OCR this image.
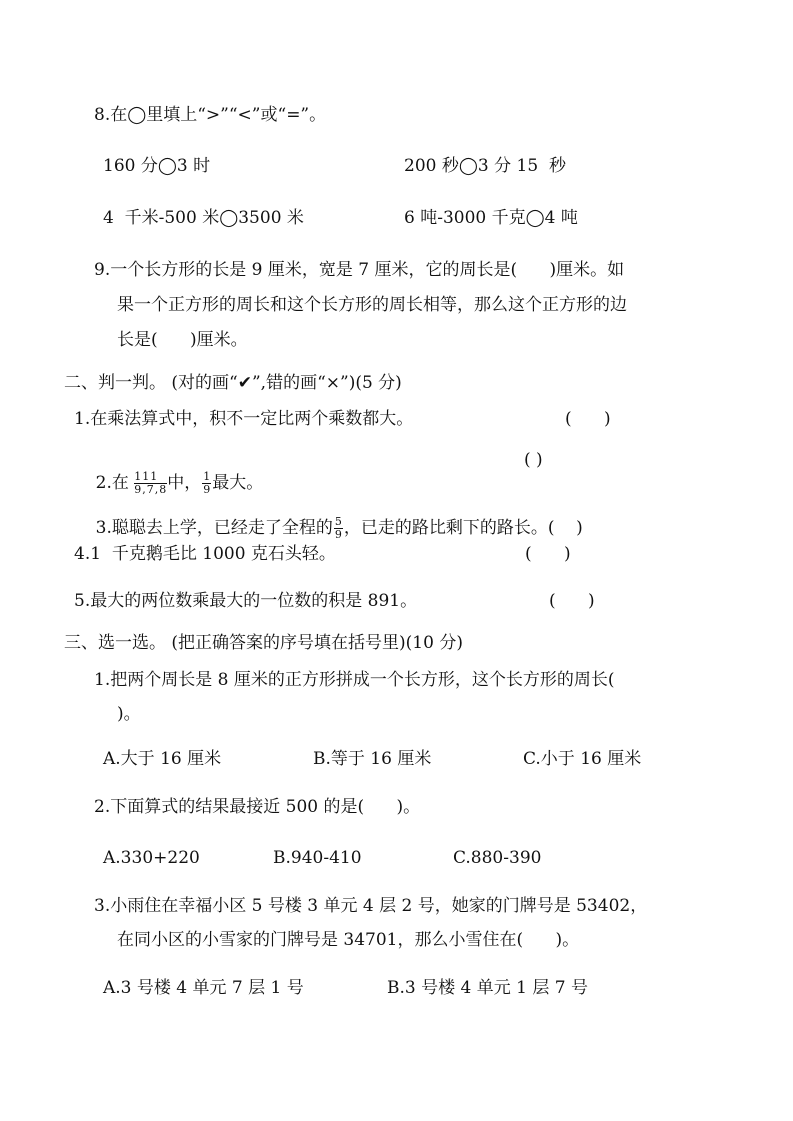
8.在◯里填上“>”“<”或“=”。
160 分◯3 时	200 秒◯3 分 15  秒
4  千米-500 米◯3500 米	6 吨-3000 千克◯4 吨
9.一个长方形的长是 9 厘米，宽是 7 厘米，它的周长是(      )厘米。如
果一个正方形的周长和这个长方形的周长相等，那么这个正方形的边
长是(      )厘米。
二、判一判。 (对的画“✔”,错的画“×”)(5 分)
1.在乘法算式中，积不一定比两个乘数都大。	(      )

2.在 $\frac{111}{9,7,8}$ 中， $\frac{1}{9}$ 最大。

( )

3.聪聪去上学，已经走了全程的 $\frac{5}{9}$ ，已走的路比剩下的路长。(    )

4.1  千克鹅毛比 1000 克石头轻。	(      )
5.最大的两位数乘最大的一位数的积是 891。	(      )
三、选一选。 (把正确答案的序号填在括号里)(10 分)
1.把两个周长是 8 厘米的正方形拼成一个长方形，这个长方形的周长(
)。
A.大于 16 厘米	B.等于 16 厘米	C.小于 16 厘米
2.下面算式的结果最接近 500 的是(      )。
A.330+220	B.940-410	C.880-390
3.小雨住在幸福小区 5 号楼 3 单元 4 层 2 号，她家的门牌号是 53402，
在同小区的小雪家的门牌号是 34701，那么小雪住在(      )。
A.3 号楼 4 单元 7 层 1 号	B.3 号楼 4 单元 1 层 7 号
